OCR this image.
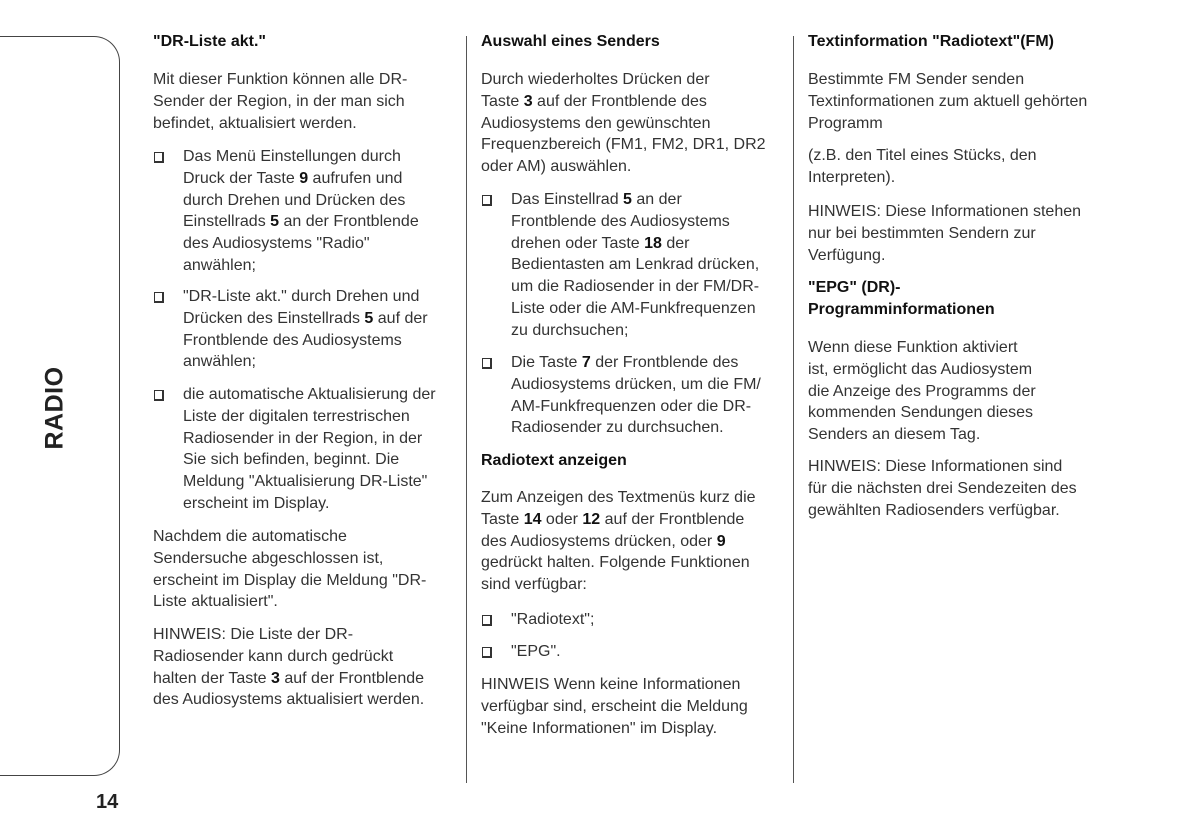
RADIO
14
"DR-Liste akt."
Mit dieser Funktion können alle DR-
Sender der Region, in der man sich
befindet, aktualisiert werden.
Das Menü Einstellungen durch
Druck der Taste 9 aufrufen und
durch Drehen und Drücken des
Einstellrads 5 an der Frontblende
des Audiosystems "Radio"
anwählen;
"DR-Liste akt." durch Drehen und
Drücken des Einstellrads 5 auf der
Frontblende des Audiosystems
anwählen;
die automatische Aktualisierung der
Liste der digitalen terrestrischen
Radiosender in der Region, in der
Sie sich befinden, beginnt. Die
Meldung "Aktualisierung DR-Liste"
erscheint im Display.
Nachdem die automatische
Sendersuche abgeschlossen ist,
erscheint im Display die Meldung "DR-
Liste aktualisiert".
HINWEIS: Die Liste der DR-
Radiosender kann durch gedrückt
halten der Taste 3 auf der Frontblende
des Audiosystems aktualisiert werden.
Auswahl eines Senders
Durch wiederholtes Drücken der
Taste 3 auf der Frontblende des
Audiosystems den gewünschten
Frequenzbereich (FM1, FM2, DR1, DR2
oder AM) auswählen.
Das Einstellrad 5 an der
Frontblende des Audiosystems
drehen oder Taste 18 der
Bedientasten am Lenkrad drücken,
um die Radiosender in der FM/DR-
Liste oder die AM-Funkfrequenzen
zu durchsuchen;
Die Taste 7 der Frontblende des
Audiosystems drücken, um die FM/
AM-Funkfrequenzen oder die DR-
Radiosender zu durchsuchen.
Radiotext anzeigen
Zum Anzeigen des Textmenüs kurz die
Taste 14 oder 12 auf der Frontblende
des Audiosystems drücken, oder 9
gedrückt halten. Folgende Funktionen
sind verfügbar:
"Radiotext";
"EPG".
HINWEIS Wenn keine Informationen
verfügbar sind, erscheint die Meldung
"Keine Informationen" im Display.
Textinformation "Radiotext"(FM)
Bestimmte FM Sender senden
Textinformationen zum aktuell gehörten
Programm
(z.B. den Titel eines Stücks, den
Interpreten).
HINWEIS: Diese Informationen stehen
nur bei bestimmten Sendern zur
Verfügung.
"EPG" (DR)-
Programminformationen
Wenn diese Funktion aktiviert
ist, ermöglicht das Audiosystem
die Anzeige des Programms der
kommenden Sendungen dieses
Senders an diesem Tag.
HINWEIS: Diese Informationen sind
für die nächsten drei Sendezeiten des
gewählten Radiosenders verfügbar.
